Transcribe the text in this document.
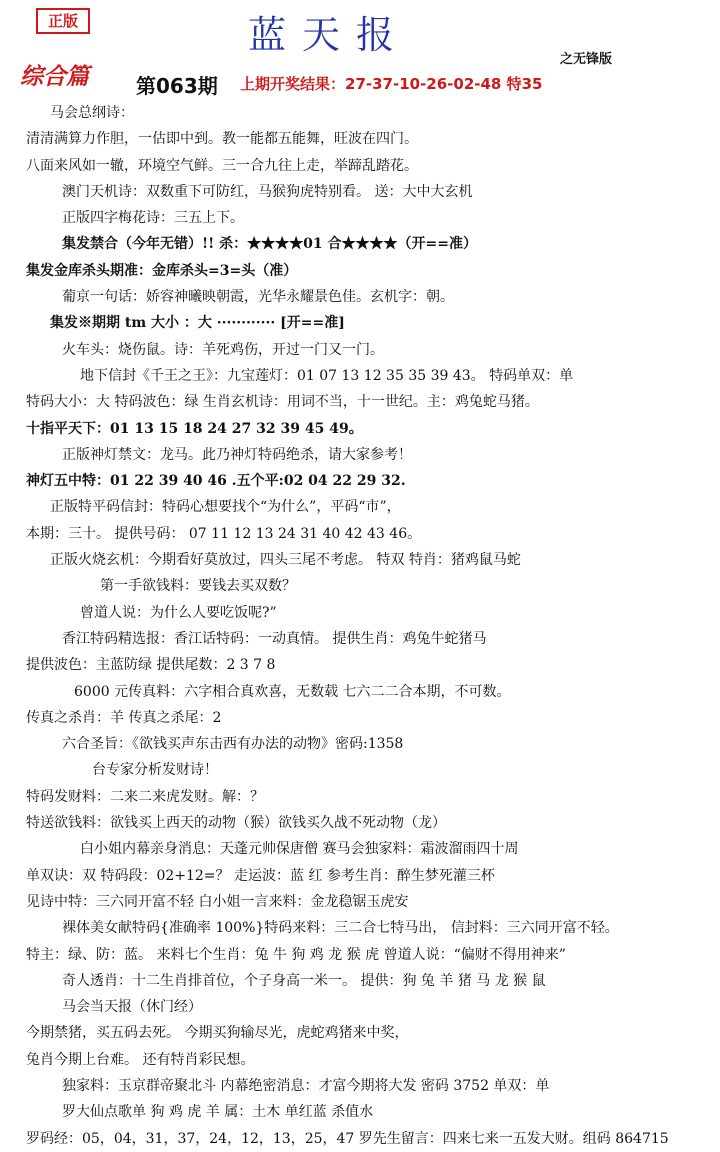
正版	蓝天报
之无锋版
综合篇 第063期 上期开奖结果：27-37-10-26-02-48 特35
马会总纲诗：
清清满算力作胆，一估即中到。教一能都五能舞，旺波在四门。
八面来风如一辙，环境空气鲜。三一合九往上走，举蹄乱踏花。
澳门天机诗：双数重下可防红，马猴狗虎特别看。 送：大中大玄机
正版四字梅花诗：三五上下。
集发禁合（今年无错）!! 杀：★★★★01 合★★★★（开==准）
集发金库杀头期准：金库杀头=3=头（准）
葡京一句话：娇容神曦映朝霞，光华永耀景色佳。玄机字：朝。
集发※期期 tm 大小 ：大 ············ [开==准]
火车头：烧伤鼠。诗：羊死鸡伤，开过一门又一门。
地下信封《千王之王》：九宝莲灯：01 07 13 12 35 35 39 43。 特码单双：单
特码大小：大 特码波色：绿 生肖玄机诗：用词不当，十一世纪。主：鸡兔蛇马猪。
十指平天下：01 13 15 18 24 27 32 39 45 49。
正版神灯禁文：龙马。此乃神灯特码绝杀，请大家参考！
神灯五中特：01 22 39 40 46 .五个平:02 04 22 29 32.
正版特平码信封：特码心想要找个“为什么”，平码“市”，
本期：三十。 提供号码： 07 11 12 13 24 31 40 42 43 46。
正版火烧玄机：今期看好莫放过，四头三尾不考虑。 特双 特肖：猪鸡鼠马蛇
第一手欲钱料：要钱去买双数？
曾道人说：为什么人要吃饭呢?”
香江特码精选报：香江话特码：一动真情。 提供生肖：鸡兔牛蛇猪马
提供波色：主蓝防绿 提供尾数：2 3 7 8
6000 元传真料：六字相合真欢喜，无数载 七六二二合本期，不可数。
传真之杀肖：羊 传真之杀尾：2
六合圣旨：《欲钱买声东击西有办法的动物》密码:1358
台专家分析发财诗！
特码发财料：二来二来虎发财。解：？
特送欲钱料：欲钱买上西天的动物（猴）欲钱买久战不死动物（龙）
白小姐内幕亲身消息：天蓬元帅保唐僧 赛马会独家料：霜波溜雨四十周
单双诀：双 特码段：02+12=？ 走运波：蓝 红 参考生肖：醉生梦死灌三杯
见诗中特：三六同开富不轻 白小姐一言来料：金龙稳锯玉虎安
裸体美女献特码{准确率 100%}特码来料：三二合七特马出， 信封料：三六同开富不轻。
特主：绿、防：蓝。 来料七个生肖：兔 牛 狗 鸡 龙 猴 虎 曾道人说：“偏财不得用神来”
奇人透肖：十二生肖排首位，个子身高一米一。 提供：狗 兔 羊 猪 马 龙 猴 鼠
马会当天报（休门经）
今期禁猪，买五码去死。 今期买狗输尽光，虎蛇鸡猪来中奖，
兔肖今期上台难。 还有特肖彩民想。
独家料：玉京群帝聚北斗 内幕绝密消息：才富今期将大发 密码 3752 单双：单
罗大仙点歌单 狗 鸡 虎 羊 属：土木 单红蓝 杀值水
罗码经：05，04，31，37，24，12，13，25，47 罗先生留言：四来七来一五发大财。组码 864715
